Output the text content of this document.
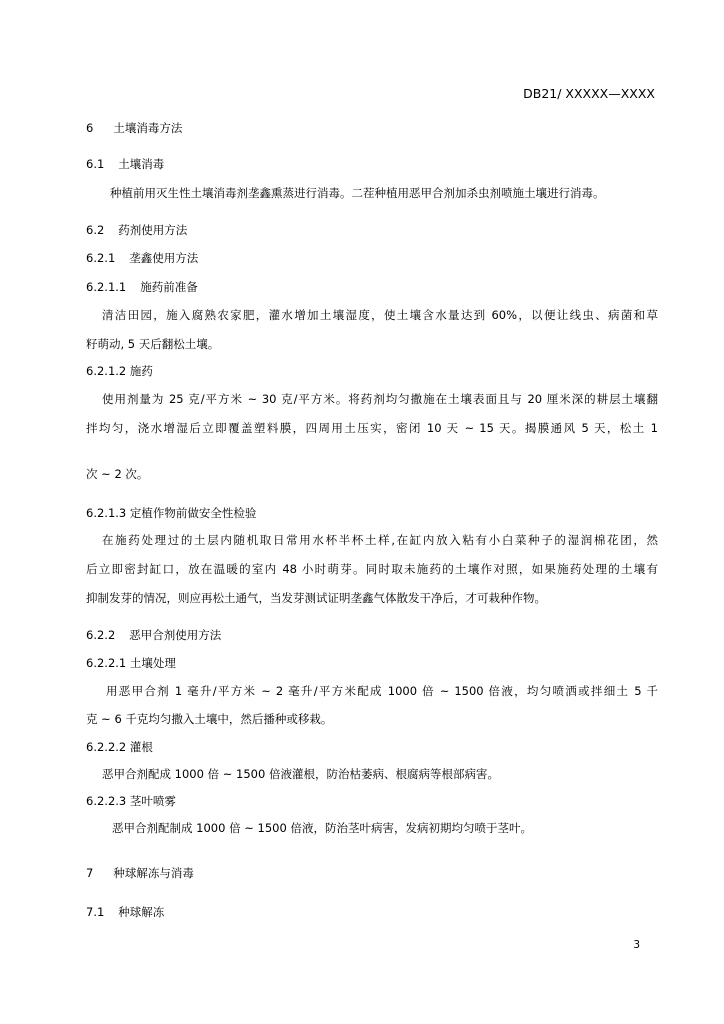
DB21/ XXXXX—XXXX
6 土壤消毒方法
6.1 土壤消毒
种植前用灭生性土壤消毒剂垄鑫熏蒸进行消毒。二茬种植用恶甲合剂加杀虫剂喷施土壤进行消毒。
6.2 药剂使用方法
6.2.1 垄鑫使用方法
6.2.1.1 施药前准备
清洁田园，施入腐熟农家肥，灌水增加土壤湿度，使土壤含水量达到 60%，以便让线虫、病菌和草
籽萌动, 5 天后翻松土壤。
6.2.1.2 施药
使用剂量为 25 克/平方米 ~ 30 克/平方米。将药剂均匀撒施在土壤表面且与 20 厘米深的耕层土壤翻
拌均匀，浇水增湿后立即覆盖塑料膜，四周用土压实，密闭 10 天 ~ 15 天。揭膜通风 5 天，松土 1
次 ~ 2 次。
6.2.1.3 定植作物前做安全性检验
在施药处理过的土层内随机取日常用水杯半杯土样,在缸内放入粘有小白菜种子的湿润棉花团，然
后立即密封缸口，放在温暖的室内 48 小时萌芽。同时取未施药的土壤作对照，如果施药处理的土壤有
抑制发芽的情况，则应再松土通气，当发芽测试证明垄鑫气体散发干净后，才可栽种作物。
6.2.2 恶甲合剂使用方法
6.2.2.1 土壤处理
用恶甲合剂 1 毫升/平方米 ~ 2 毫升/平方米配成 1000 倍 ~ 1500 倍液，均匀喷洒或拌细土 5 千
克 ~ 6 千克均匀撒入土壤中，然后播种或移栽。
6.2.2.2 灌根
恶甲合剂配成 1000 倍 ~ 1500 倍液灌根，防治枯萎病、根腐病等根部病害。
6.2.2.3 茎叶喷雾
恶甲合剂配制成 1000 倍 ~ 1500 倍液，防治茎叶病害，发病初期均匀喷于茎叶。
7 种球解冻与消毒
7.1 种球解冻
3
